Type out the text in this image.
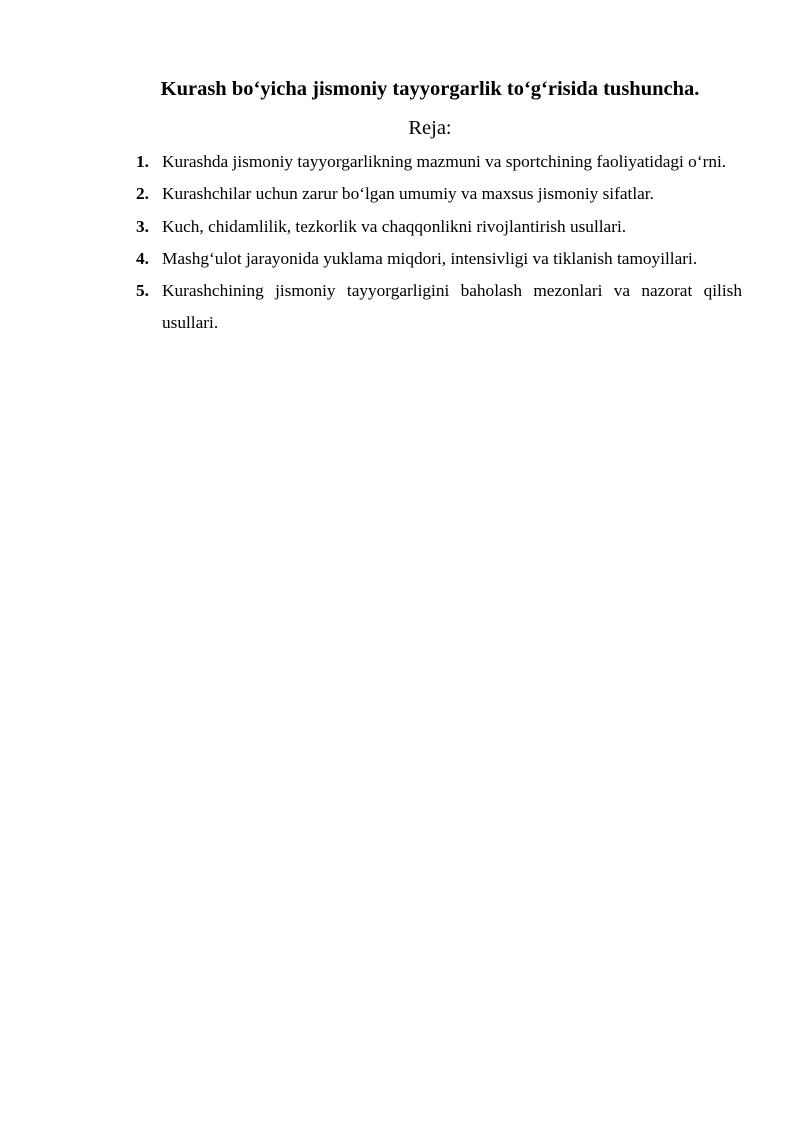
Kurash bo‘yicha jismoniy tayyorgarlik to‘g‘risida tushuncha.
Reja:
1. Kurashda jismoniy tayyorgarlikning mazmuni va sportchining faoliyatidagi o‘rni.
2. Kurashchilar uchun zarur bo‘lgan umumiy va maxsus jismoniy sifatlar.
3. Kuch, chidamlilik, tezkorlik va chaqqonlikni rivojlantirish usullari.
4. Mashg‘ulot jarayonida yuklama miqdori, intensivligi va tiklanish tamoyillari.
5. Kurashchining jismoniy tayyorgarligini baholash mezonlari va nazorat qilish usullari.
